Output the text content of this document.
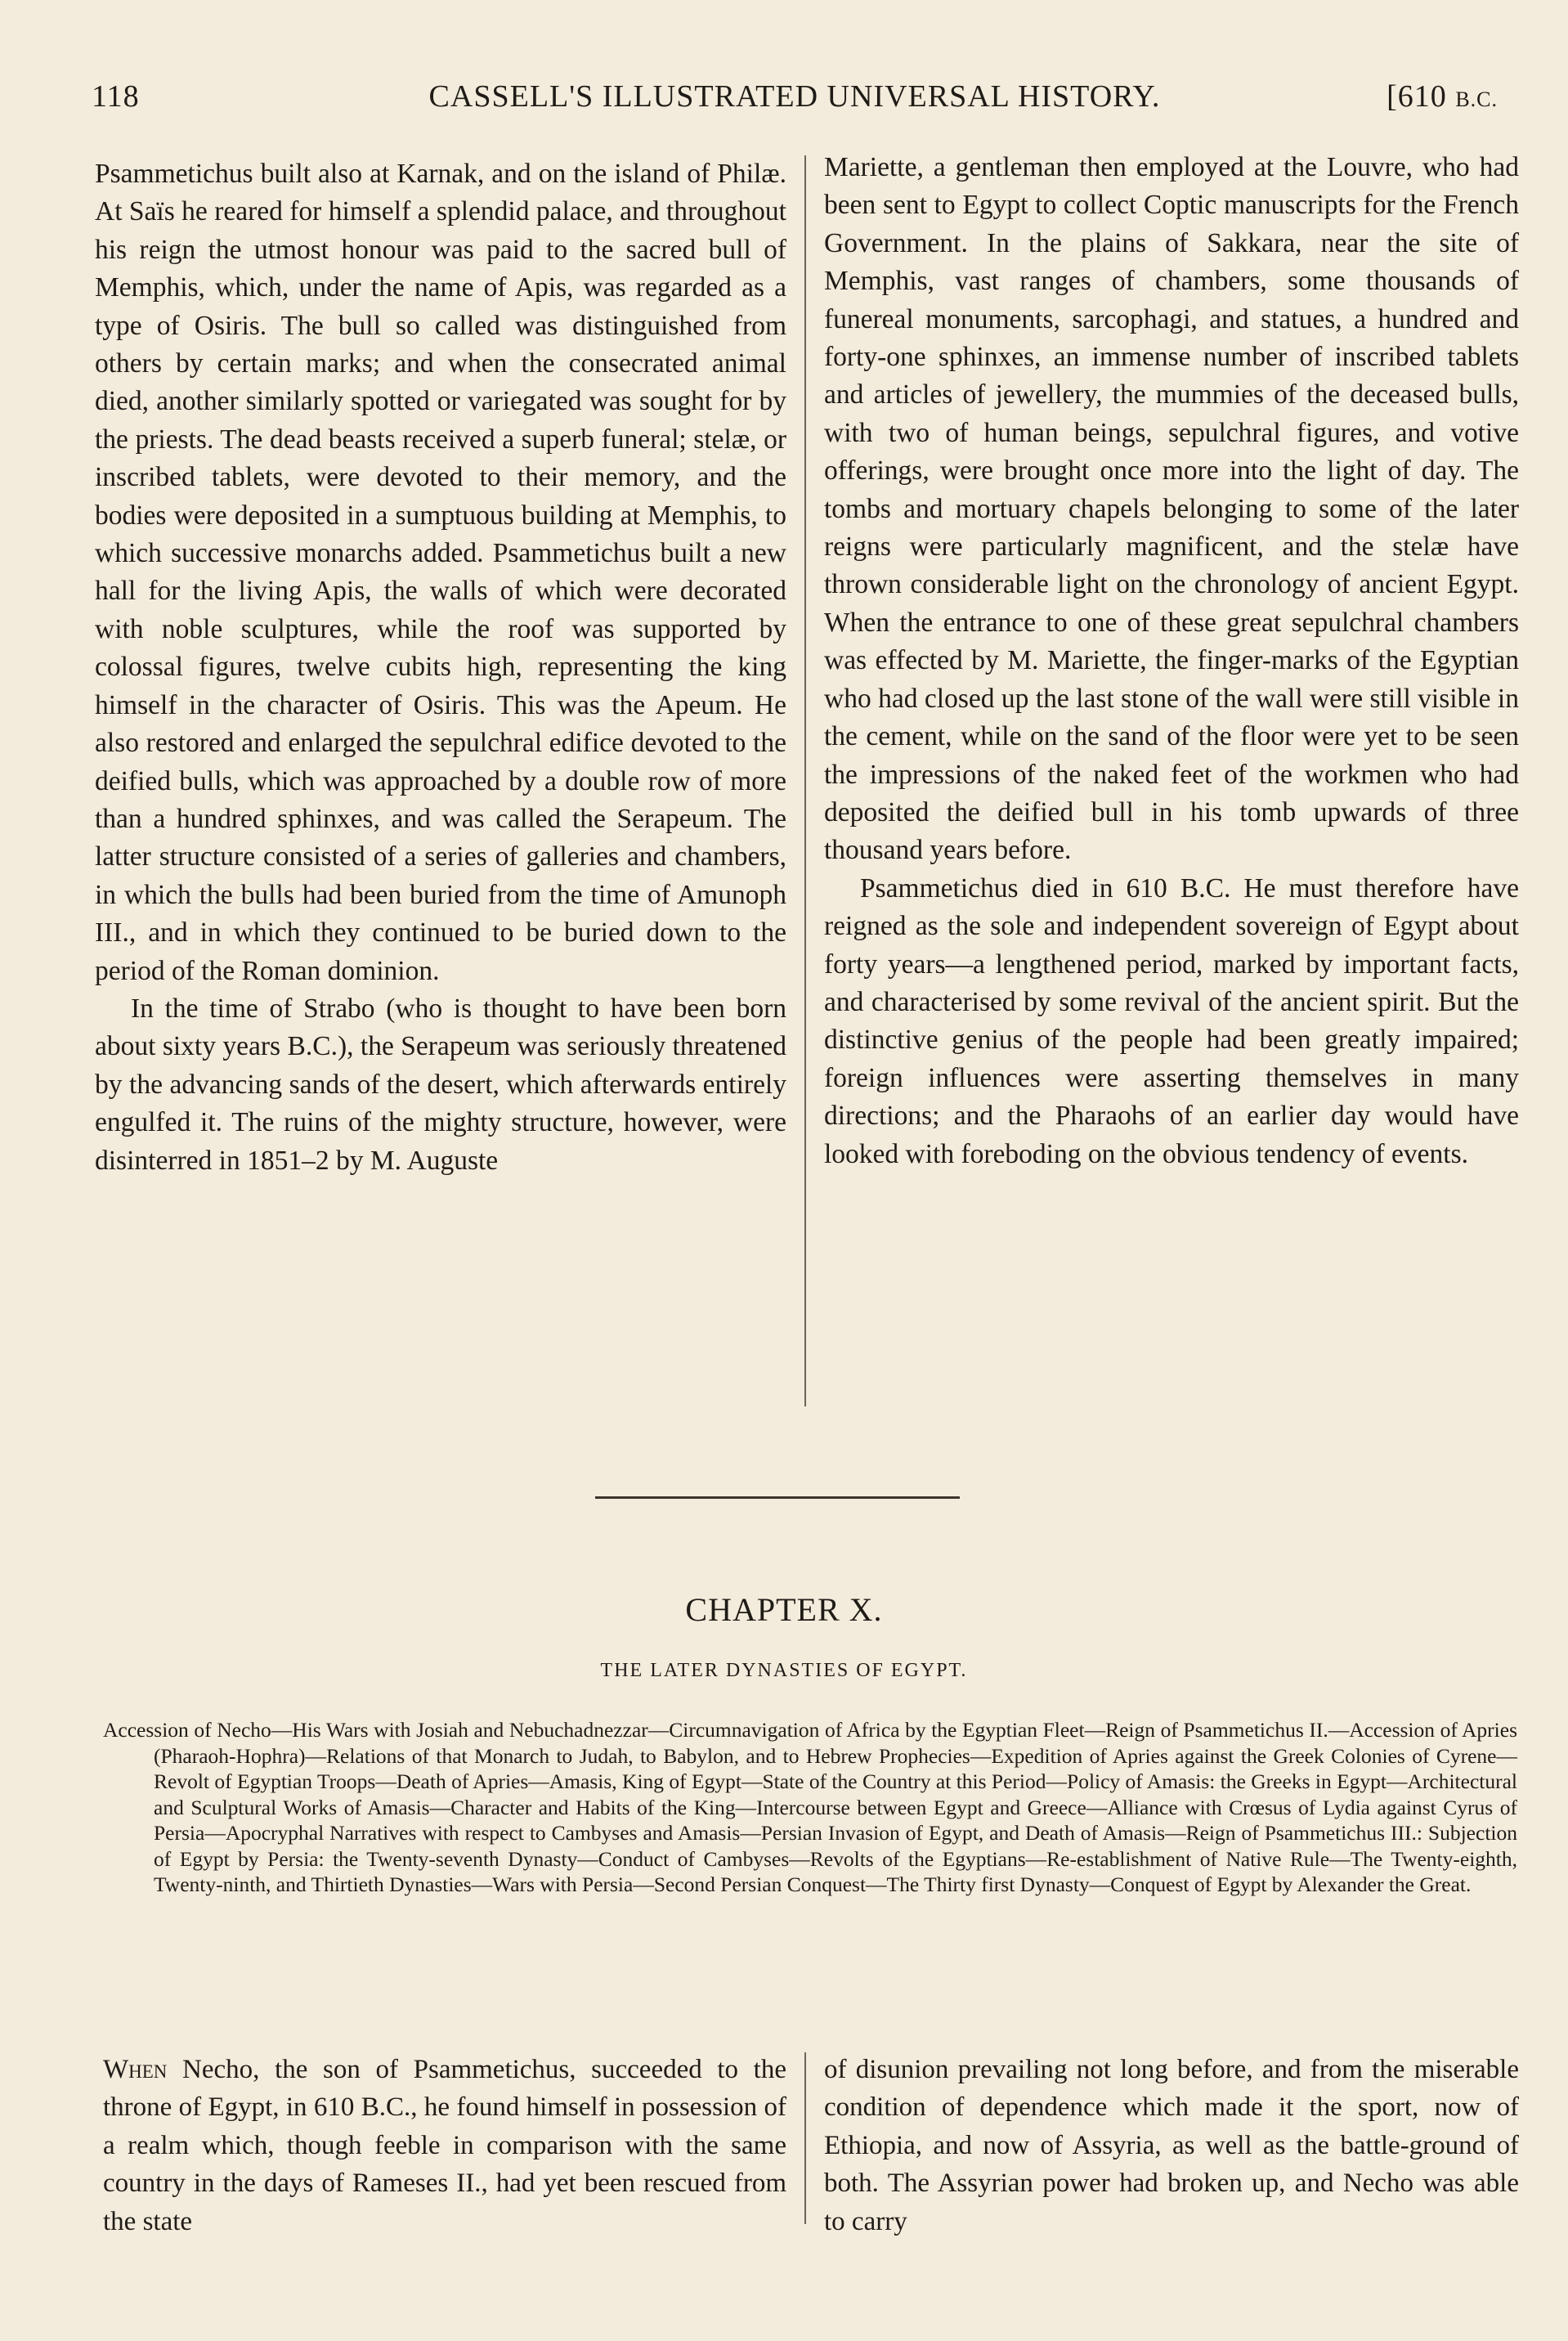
118	CASSELL'S ILLUSTRATED UNIVERSAL HISTORY.	[610 B.C.

Psammetichus built also at Karnak, and on the island of Philæ. At Saïs he reared for himself a splendid palace, and throughout his reign the utmost honour was paid to the sacred bull of Memphis, which, under the name of Apis, was regarded as a type of Osiris. The bull so called was distinguished from others by certain marks; and when the consecrated animal died, another similarly spotted or variegated was sought for by the priests. The dead beasts received a superb funeral; stelæ, or inscribed tablets, were devoted to their memory, and the bodies were deposited in a sumptuous building at Memphis, to which successive monarchs added. Psammetichus built a new hall for the living Apis, the walls of which were decorated with noble sculptures, while the roof was supported by colossal figures, twelve cubits high, representing the king himself in the character of Osiris. This was the Apeum. He also restored and enlarged the sepulchral edifice devoted to the deified bulls, which was approached by a double row of more than a hundred sphinxes, and was called the Serapeum. The latter structure consisted of a series of galleries and chambers, in which the bulls had been buried from the time of Amunoph III., and in which they continued to be buried down to the period of the Roman dominion.

In the time of Strabo (who is thought to have been born about sixty years B.C.), the Serapeum was seriously threatened by the advancing sands of the desert, which afterwards entirely engulfed it. The ruins of the mighty structure, however, were disinterred in 1851–2 by M. Auguste

Mariette, a gentleman then employed at the Louvre, who had been sent to Egypt to collect Coptic manuscripts for the French Government. In the plains of Sakkara, near the site of Memphis, vast ranges of chambers, some thousands of funereal monuments, sarcophagi, and statues, a hundred and forty-one sphinxes, an immense number of inscribed tablets and articles of jewellery, the mummies of the deceased bulls, with two of human beings, sepulchral figures, and votive offerings, were brought once more into the light of day. The tombs and mortuary chapels belonging to some of the later reigns were particularly magnificent, and the stelæ have thrown considerable light on the chronology of ancient Egypt. When the entrance to one of these great sepulchral chambers was effected by M. Mariette, the finger-marks of the Egyptian who had closed up the last stone of the wall were still visible in the cement, while on the sand of the floor were yet to be seen the impressions of the naked feet of the workmen who had deposited the deified bull in his tomb upwards of three thousand years before.

Psammetichus died in 610 B.C. He must therefore have reigned as the sole and independent sovereign of Egypt about forty years—a lengthened period, marked by important facts, and characterised by some revival of the ancient spirit. But the distinctive genius of the people had been greatly impaired; foreign influences were asserting themselves in many directions; and the Pharaohs of an earlier day would have looked with foreboding on the obvious tendency of events.

CHAPTER X.
THE LATER DYNASTIES OF EGYPT.
Accession of Necho—His Wars with Josiah and Nebuchadnezzar—Circumnavigation of Africa by the Egyptian Fleet—Reign of Psammetichus II.—Accession of Apries (Pharaoh-Hophra)—Relations of that Monarch to Judah, to Babylon, and to Hebrew Prophecies—Expedition of Apries against the Greek Colonies of Cyrene—Revolt of Egyptian Troops—Death of Apries—Amasis, King of Egypt—State of the Country at this Period—Policy of Amasis: the Greeks in Egypt—Architectural and Sculptural Works of Amasis—Character and Habits of the King—Intercourse between Egypt and Greece—Alliance with Crœsus of Lydia against Cyrus of Persia—Apocryphal Narratives with respect to Cambyses and Amasis—Persian Invasion of Egypt, and Death of Amasis—Reign of Psammetichus III.: Subjection of Egypt by Persia: the Twenty-seventh Dynasty—Conduct of Cambyses—Revolts of the Egyptians—Re-establishment of Native Rule—The Twenty-eighth, Twenty-ninth, and Thirtieth Dynasties—Wars with Persia—Second Persian Conquest—The Thirty first Dynasty—Conquest of Egypt by Alexander the Great.

When Necho, the son of Psammetichus, succeeded to the throne of Egypt, in 610 B.C., he found himself in possession of a realm which, though feeble in comparison with the same country in the days of Rameses II., had yet been rescued from the state

of disunion prevailing not long before, and from the miserable condition of dependence which made it the sport, now of Ethiopia, and now of Assyria, as well as the battle-ground of both. The Assyrian power had broken up, and Necho was able to carry
